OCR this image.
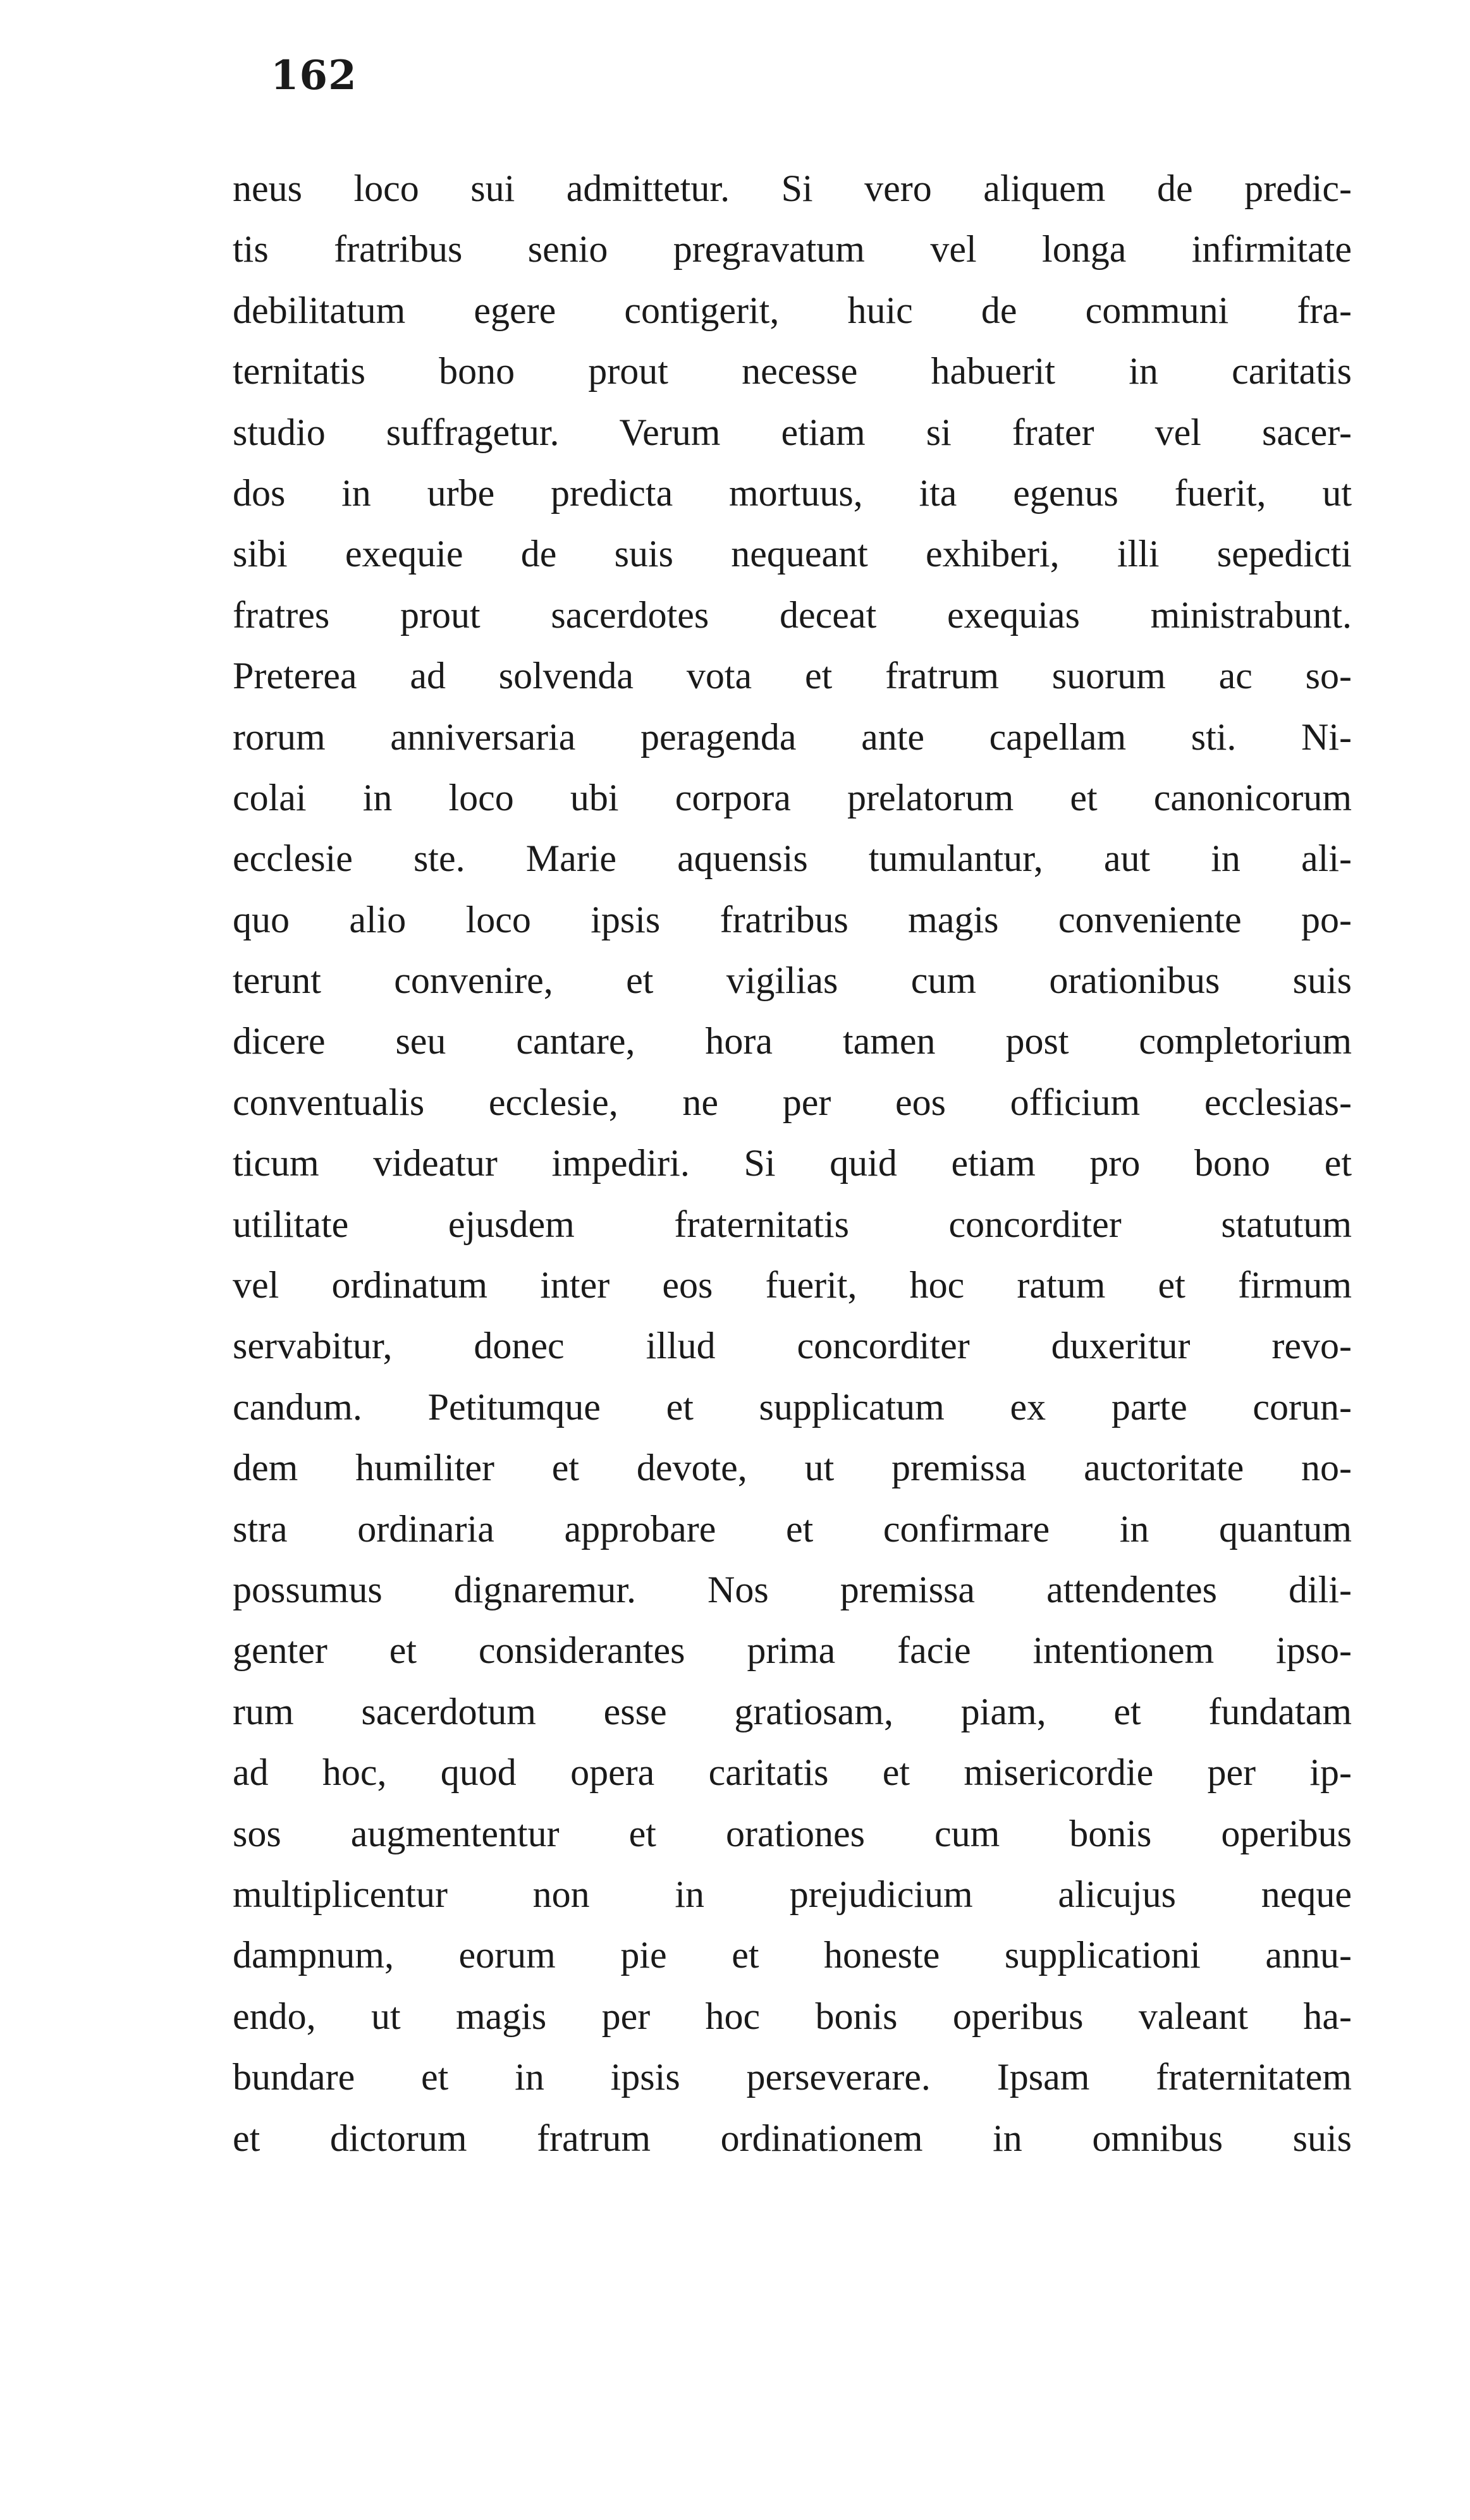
162
neus loco sui admittetur. Si vero aliquem de predic-
tis fratribus senio pregravatum vel longa infirmitate
debilitatum egere contigerit, huic de communi fra-
ternitatis bono prout necesse habuerit in caritatis
studio suffragetur. Verum etiam si frater vel sacer-
dos in urbe predicta mortuus, ita egenus fuerit, ut
sibi exequie de suis nequeant exhiberi, illi sepedicti
fratres prout sacerdotes deceat exequias ministrabunt.
Preterea ad solvenda vota et fratrum suorum ac so-
rorum anniversaria peragenda ante capellam sti. Ni-
colai in loco ubi corpora prelatorum et canonicorum
ecclesie ste. Marie aquensis tumulantur, aut in ali-
quo alio loco ipsis fratribus magis conveniente po-
terunt convenire, et vigilias cum orationibus suis
dicere seu cantare, hora tamen post completorium
conventualis ecclesie, ne per eos officium ecclesias-
ticum videatur impediri. Si quid etiam pro bono et
utilitate ejusdem fraternitatis concorditer statutum
vel ordinatum inter eos fuerit, hoc ratum et firmum
servabitur, donec illud concorditer duxeritur revo-
candum. Petitumque et supplicatum ex parte corun-
dem humiliter et devote, ut premissa auctoritate no-
stra ordinaria approbare et confirmare in quantum
possumus dignaremur. Nos premissa attendentes dili-
genter et considerantes prima facie intentionem ipso-
rum sacerdotum esse gratiosam, piam, et fundatam
ad hoc, quod opera caritatis et misericordie per ip-
sos augmententur et orationes cum bonis operibus
multiplicentur non in prejudicium alicujus neque
dampnum, eorum pie et honeste supplicationi annu-
endo, ut magis per hoc bonis operibus valeant ha-
bundare et in ipsis perseverare. Ipsam fraternitatem
et dictorum fratrum ordinationem in omnibus suis
